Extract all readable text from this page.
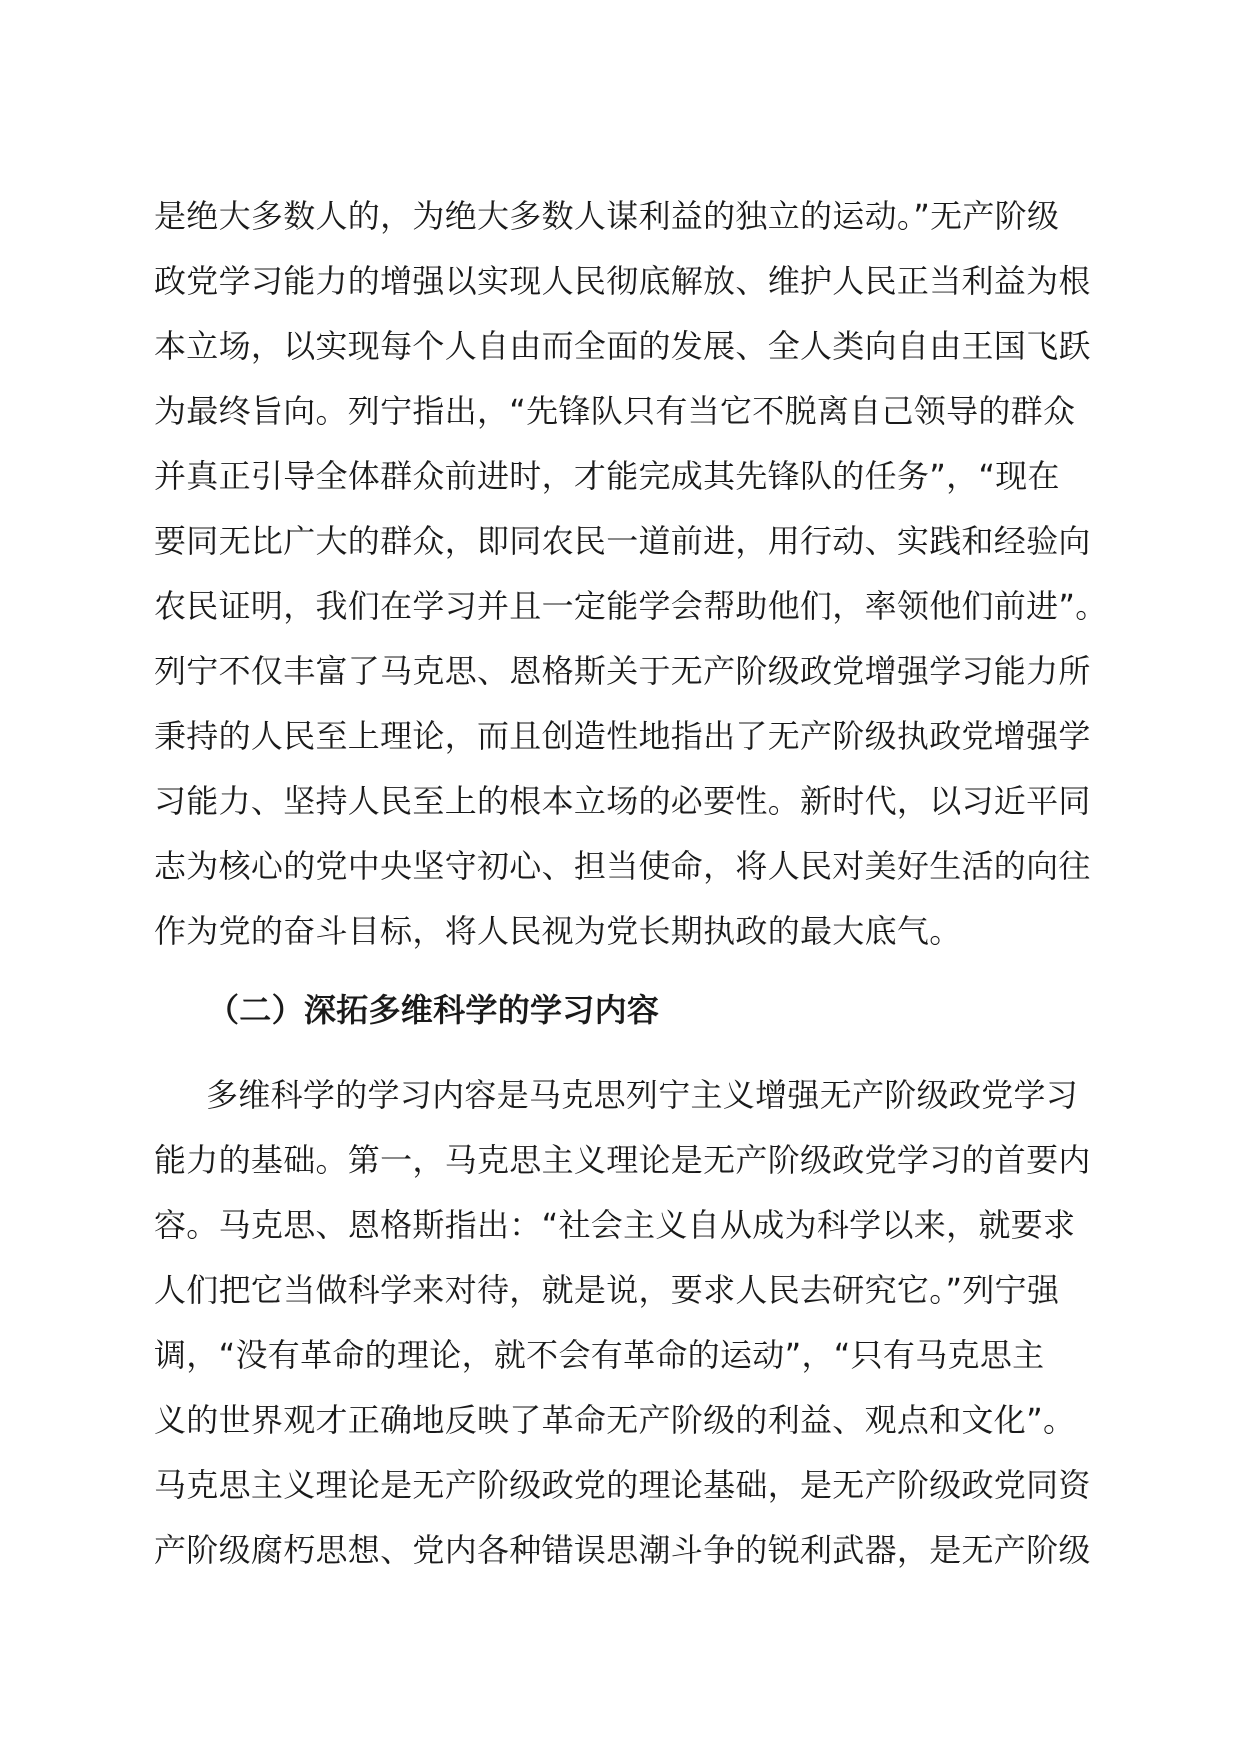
是绝大多数人的，为绝大多数人谋利益的独立的运动。”无产阶级
政党学习能力的增强以实现人民彻底解放、维护人民正当利益为根
本立场，以实现每个人自由而全面的发展、全人类向自由王国飞跃
为最终旨向。列宁指出，“先锋队只有当它不脱离自己领导的群众
并真正引导全体群众前进时，才能完成其先锋队的任务”，“现在
要同无比广大的群众，即同农民一道前进，用行动、实践和经验向
农民证明，我们在学习并且一定能学会帮助他们，率领他们前进”。
列宁不仅丰富了马克思、恩格斯关于无产阶级政党增强学习能力所
秉持的人民至上理论，而且创造性地指出了无产阶级执政党增强学
习能力、坚持人民至上的根本立场的必要性。新时代，以习近平同
志为核心的党中央坚守初心、担当使命，将人民对美好生活的向往
作为党的奋斗目标，将人民视为党长期执政的最大底气。
（二）深拓多维科学的学习内容
多维科学的学习内容是马克思列宁主义增强无产阶级政党学习
能力的基础。第一，马克思主义理论是无产阶级政党学习的首要内
容。马克思、恩格斯指出：“社会主义自从成为科学以来，就要求
人们把它当做科学来对待，就是说，要求人民去研究它。”列宁强
调，“没有革命的理论，就不会有革命的运动”，“只有马克思主
义的世界观才正确地反映了革命无产阶级的利益、观点和文化”。
马克思主义理论是无产阶级政党的理论基础，是无产阶级政党同资
产阶级腐朽思想、党内各种错误思潮斗争的锐利武器，是无产阶级
